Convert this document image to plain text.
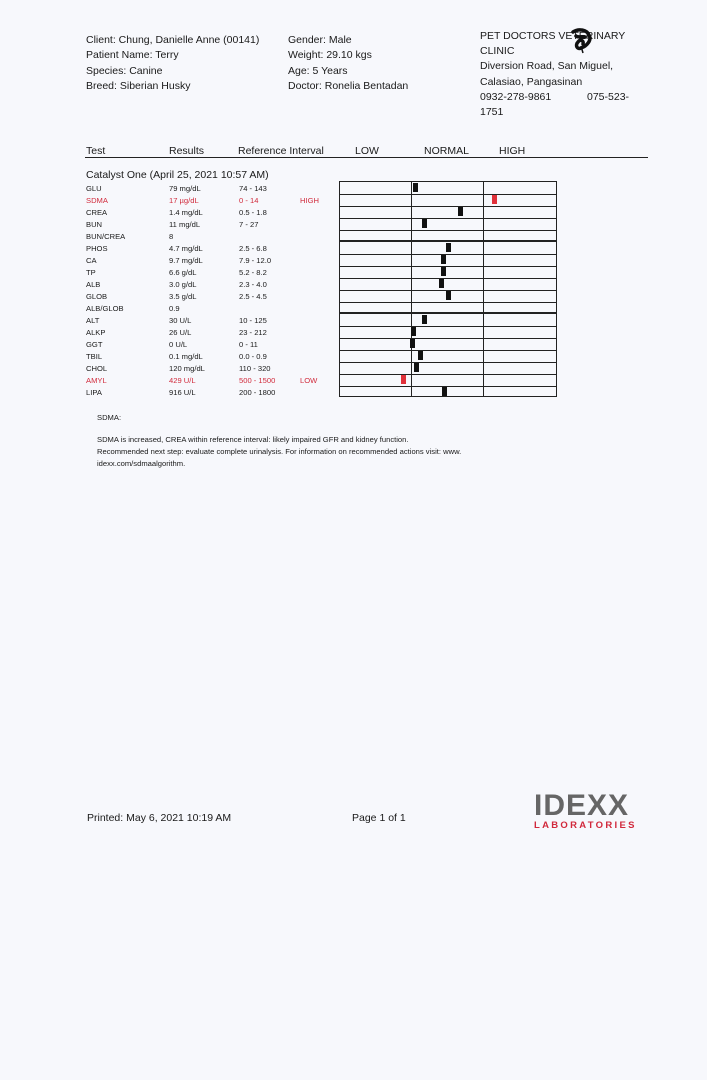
Client: Chung, Danielle Anne (00141)
Patient Name: Terry
Species: Canine
Breed: Siberian Husky
Gender: Male
Weight: 29.10 kgs
Age: 5 Years
Doctor: Ronelia Bentadan
PET DOCTORS VETERINARY
CLINIC
Diversion Road, San Miguel,
Calasiao, Pangasinan
0932-278-9861	075-523-
1751
Test	Results	Reference Interval	LOW	NORMAL	HIGH
Catalyst One (April 25, 2021 10:57 AM)
GLU	79 mg/dL	74 - 143
SDMA	17 µg/dL	0 - 14	HIGH
CREA	1.4 mg/dL	0.5 - 1.8
BUN	11 mg/dL	7 - 27
BUN/CREA	8
PHOS	4.7 mg/dL	2.5 - 6.8
CA	9.7 mg/dL	7.9 - 12.0
TP	6.6 g/dL	5.2 - 8.2
ALB	3.0 g/dL	2.3 - 4.0
GLOB	3.5 g/dL	2.5 - 4.5
ALB/GLOB	0.9
ALT	30 U/L	10 - 125
ALKP	26 U/L	23 - 212
GGT	0 U/L	0 - 11
TBIL	0.1 mg/dL	0.0 - 0.9
CHOL	120 mg/dL	110 - 320
AMYL	429 U/L	500 - 1500	LOW
LIPA	916 U/L	200 - 1800
SDMA:
SDMA is increased, CREA within reference interval: likely impaired GFR and kidney function.
Recommended next step: evaluate complete urinalysis. For information on recommended actions visit: www.
idexx.com/sdmaalgorithm.
Printed: May 6, 2021 10:19 AM	Page 1 of 1	IDEXX
LABORATORIES
